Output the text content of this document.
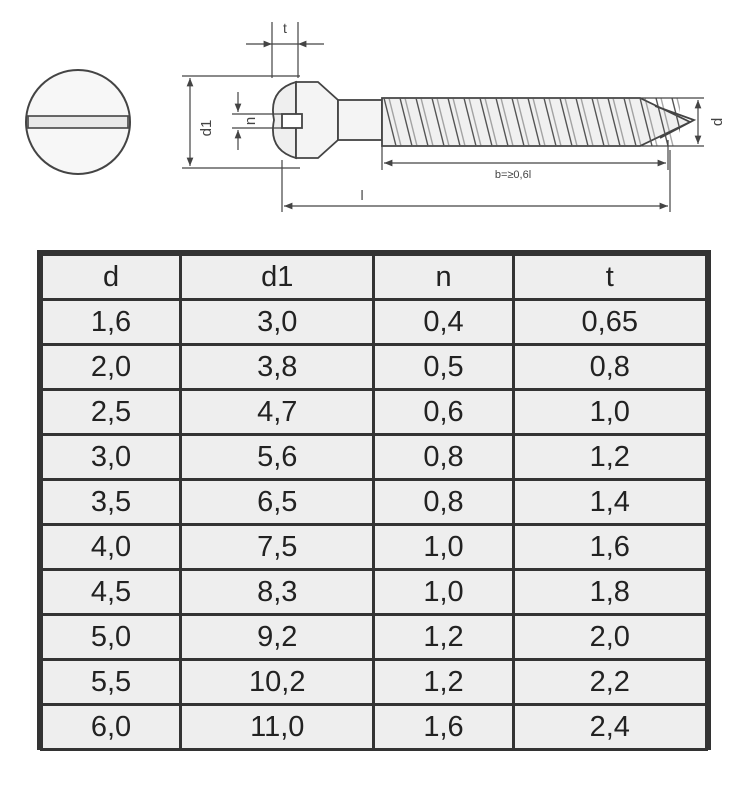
t
d1 n	d
b=≥0,6l
l
d	d1	n	t
1,6	3,0	0,4	0,65
2,0	3,8	0,5	0,8
2,5	4,7	0,6	1,0
3,0	5,6	0,8	1,2
3,5	6,5	0,8	1,4
4,0	7,5	1,0	1,6
4,5	8,3	1,0	1,8
5,0	9,2	1,2	2,0
5,5	10,2	1,2	2,2
6,0	11,0	1,6	2,4
